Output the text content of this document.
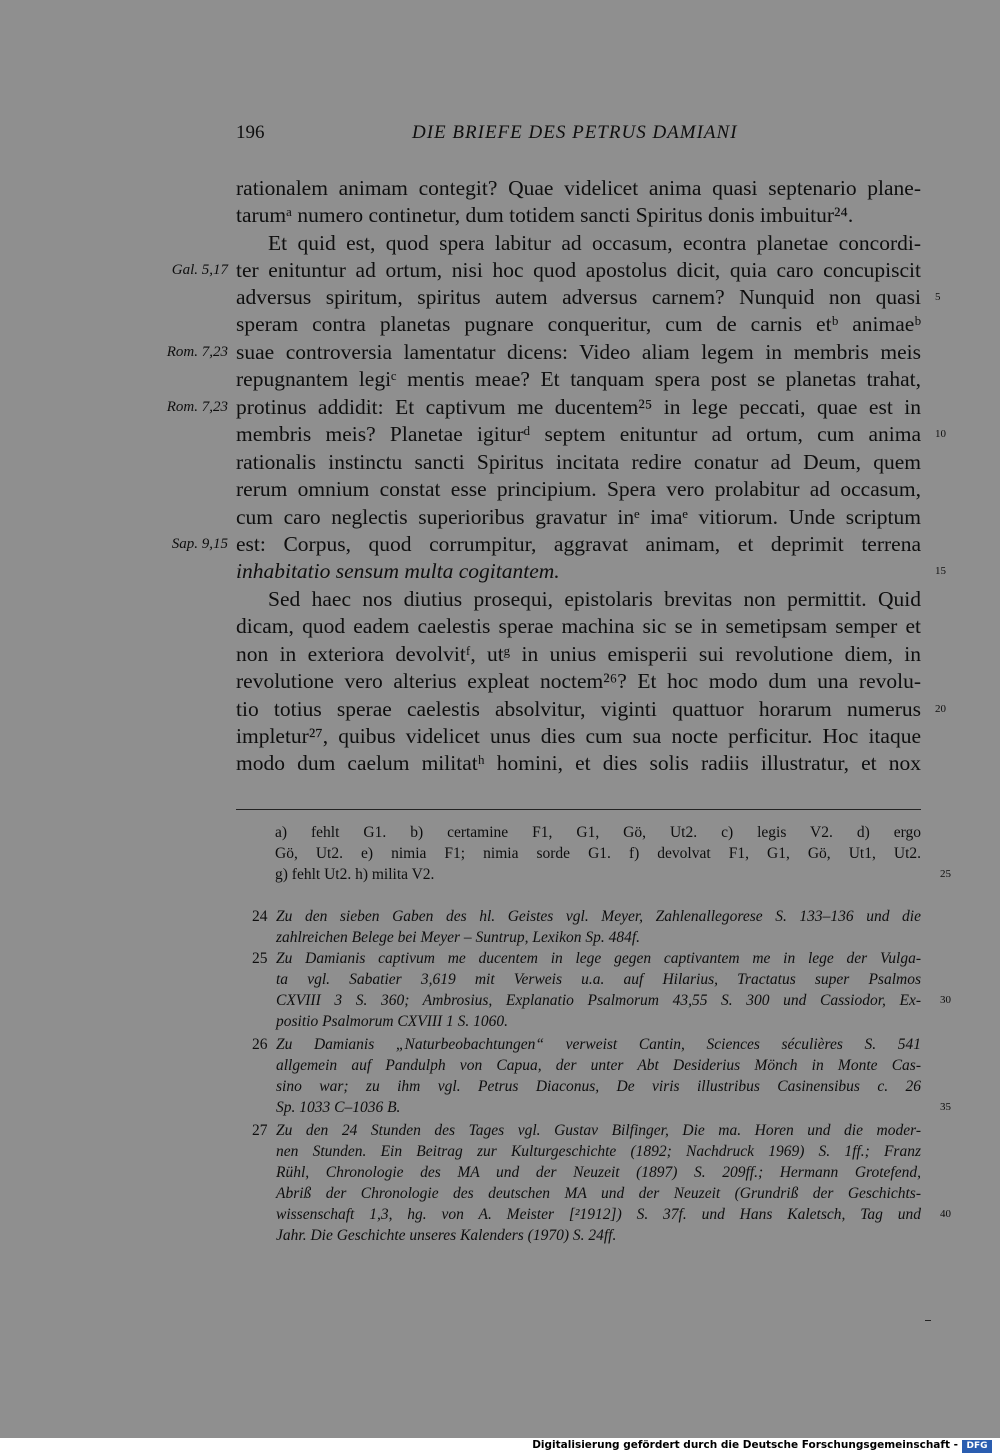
196	DIE BRIEFE DES PETRUS DAMIANI
rationalem animam contegit? Quae videlicet anima quasi septenario plane-
tarumᵃ numero continetur, dum totidem sancti Spiritus donis imbuitur²⁴.
Et quid est, quod spera labitur ad occasum, econtra planetae concordi-
ter enituntur ad ortum, nisi hoc quod apostolus dicit, quia caro concupiscit
adversus spiritum, spiritus autem adversus carnem? Nunquid non quasi
speram contra planetas pugnare conqueritur, cum de carnis etᵇ animaeᵇ
suae controversia lamentatur dicens: Video aliam legem in membris meis
repugnantem legiᶜ mentis meae? Et tanquam spera post se planetas trahat,
protinus addidit: Et captivum me ducentem²⁵ in lege peccati, quae est in
membris meis? Planetae igiturᵈ septem enituntur ad ortum, cum anima
rationalis instinctu sancti Spiritus incitata redire conatur ad Deum, quem
rerum omnium constat esse principium. Spera vero prolabitur ad occasum,
cum caro neglectis superioribus gravatur inᵉ imaᵉ vitiorum. Unde scriptum
est: Corpus, quod corrumpitur, aggravat animam, et deprimit terrena
inhabitatio sensum multa cogitantem.
Sed haec nos diutius prosequi, epistolaris brevitas non permittit. Quid
dicam, quod eadem caelestis sperae machina sic se in semetipsam semper et
non in exteriora devolvitᶠ, utᵍ in unius emisperii sui revolutione diem, in
revolutione vero alterius expleat noctem²⁶? Et hoc modo dum una revolu-
tio totius sperae caelestis absolvitur, viginti quattuor horarum numerus
impletur²⁷, quibus videlicet unus dies cum sua nocte perficitur. Hoc itaque
modo dum caelum militatʰ homini, et dies solis radiis illustratur, et nox
Gal. 5,17
Rom. 7,23
Rom. 7,23
Sap. 9,15
5
10
15
20
a) fehlt G1. b) certamine F1, G1, Gö, Ut2. c) legis V2. d) ergo
Gö, Ut2. e) nimia F1; nimia sorde G1. f) devolvat F1, G1, Gö, Ut1, Ut2.
g) fehlt Ut2. h) milita V2.	25
24 Zu den sieben Gaben des hl. Geistes vgl. Meyer, Zahlenallegorese S. 133–136 und die
zahlreichen Belege bei Meyer – Suntrup, Lexikon Sp. 484f.
25 Zu Damianis captivum me ducentem in lege gegen captivantem me in lege der Vulga-
ta vgl. Sabatier 3,619 mit Verweis u.a. auf Hilarius, Tractatus super Psalmos
CXVIII 3 S. 360; Ambrosius, Explanatio Psalmorum 43,55 S. 300 und Cassiodor, Ex-
positio Psalmorum CXVIII 1 S. 1060.
26 Zu Damianis „Naturbeobachtungen“ verweist Cantin, Sciences séculières S. 541
allgemein auf Pandulph von Capua, der unter Abt Desiderius Mönch in Monte Cas-
sino war; zu ihm vgl. Petrus Diaconus, De viris illustribus Casinensibus c. 26
Sp. 1033 C–1036 B.
27 Zu den 24 Stunden des Tages vgl. Gustav Bilfinger, Die ma. Horen und die moder-
nen Stunden. Ein Beitrag zur Kulturgeschichte (1892; Nachdruck 1969) S. 1ff.; Franz
Rühl, Chronologie des MA und der Neuzeit (1897) S. 209ff.; Hermann Grotefend,
Abriß der Chronologie des deutschen MA und der Neuzeit (Grundriß der Geschichts-
wissenschaft 1,3, hg. von A. Meister [²1912]) S. 37f. und Hans Kaletsch, Tag und
Jahr. Die Geschichte unseres Kalenders (1970) S. 24ff.
30
35
40
Digitalisierung gefördert durch die Deutsche Forschungsgemeinschaft - DFG
